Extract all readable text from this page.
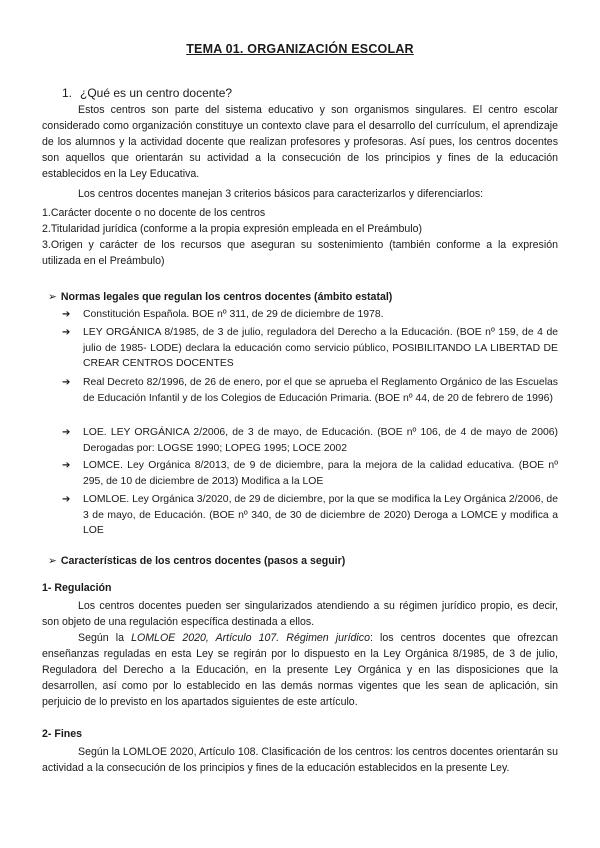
TEMA 01. ORGANIZACIÓN ESCOLAR
1. ¿Qué es un centro docente?
Estos centros son parte del sistema educativo y son organismos singulares. El centro escolar considerado como organización constituye un contexto clave para el desarrollo del currículum, el aprendizaje de los alumnos y la actividad docente que realizan profesores y profesoras. Así pues, los centros docentes son aquellos que orientarán su actividad a la consecución de los principios y fines de la educación establecidos en la Ley Educativa.
Los centros docentes manejan 3 criterios básicos para caracterizarlos y diferenciarlos:
1.Carácter docente o no docente de los centros
2.Titularidad jurídica (conforme a la propia expresión empleada en el Preámbulo)
3.Origen y carácter de los recursos que aseguran su sostenimiento (también conforme a la expresión utilizada en el Preámbulo)
➢ Normas legales que regulan los centros docentes (ámbito estatal)
➔ Constitución Española. BOE nº 311, de 29 de diciembre de 1978.
➔ LEY ORGÁNICA 8/1985, de 3 de julio, reguladora del Derecho a la Educación. (BOE nº 159, de 4 de julio de 1985- LODE) declara la educación como servicio público, POSIBILITANDO LA LIBERTAD DE CREAR CENTROS DOCENTES
➔ Real Decreto 82/1996, de 26 de enero, por el que se aprueba el Reglamento Orgánico de las Escuelas de Educación Infantil y de los Colegios de Educación Primaria. (BOE nº 44, de 20 de febrero de 1996)
➔ LOE. LEY ORGÁNICA 2/2006, de 3 de mayo, de Educación. (BOE nº 106, de 4 de mayo de 2006) Derogadas por: LOGSE 1990; LOPEG 1995; LOCE 2002
➔ LOMCE. Ley Orgánica 8/2013, de 9 de diciembre, para la mejora de la calidad educativa. (BOE nº 295, de 10 de diciembre de 2013) Modifica a la LOE
➔ LOMLOE. Ley Orgánica 3/2020, de 29 de diciembre, por la que se modifica la Ley Orgánica 2/2006, de 3 de mayo, de Educación. (BOE nº 340, de 30 de diciembre de 2020) Deroga a LOMCE y modifica a LOE
➢ Características de los centros docentes (pasos a seguir)
1- Regulación
Los centros docentes pueden ser singularizados atendiendo a su régimen jurídico propio, es decir, son objeto de una regulación específica destinada a ellos.
Según la LOMLOE 2020, Artículo 107. Régimen jurídico: los centros docentes que ofrezcan enseñanzas reguladas en esta Ley se regirán por lo dispuesto en la Ley Orgánica 8/1985, de 3 de julio, Reguladora del Derecho a la Educación, en la presente Ley Orgánica y en las disposiciones que la desarrollen, así como por lo establecido en las demás normas vigentes que les sean de aplicación, sin perjuicio de lo previsto en los apartados siguientes de este artículo.
2- Fines
Según la LOMLOE 2020, Artículo 108. Clasificación de los centros: los centros docentes orientarán su actividad a la consecución de los principios y fines de la educación establecidos en la presente Ley.
